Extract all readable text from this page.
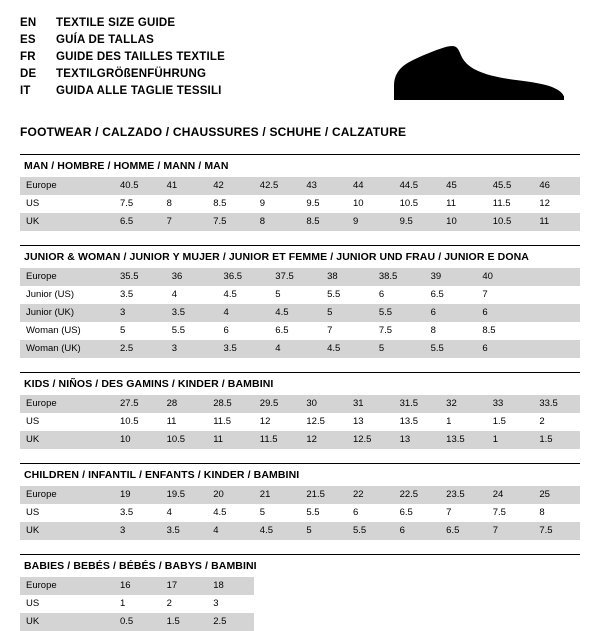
EN	TEXTILE SIZE GUIDE
ES	GUÍA DE TALLAS
FR	GUIDE DES TAILLES TEXTILE
DE	TEXTILGRÖßENFÜHRUNG
IT	GUIDA ALLE TAGLIE TESSILI
FOOTWEAR / CALZADO / CHAUSSURES / SCHUHE / CALZATURE
MAN / HOMBRE / HOMME / MANN / MAN
Europe	40.5	41	42	42.5	43	44	44.5	45	45.5	46
US	7.5	8	8.5	9	9.5	10	10.5	11	11.5	12
UK	6.5	7	7.5	8	8.5	9	9.5	10	10.5	11
JUNIOR & WOMAN / JUNIOR Y MUJER / JUNIOR ET FEMME / JUNIOR UND FRAU / JUNIOR E DONA
Europe	35.5	36	36.5	37.5	38	38.5	39	40	
Junior (US)	3.5	4	4.5	5	5.5	6	6.5	7	
Junior (UK)	3	3.5	4	4.5	5	5.5	6	6	
Woman (US)	5	5.5	6	6.5	7	7.5	8	8.5	
Woman (UK)	2.5	3	3.5	4	4.5	5	5.5	6	
KIDS / NIÑOS / DES GAMINS / KINDER / BAMBINI
Europe	27.5	28	28.5	29.5	30	31	31.5	32	33	33.5
US	10.5	11	11.5	12	12.5	13	13.5	1	1.5	2
UK	10	10.5	11	11.5	12	12.5	13	13.5	1	1.5
CHILDREN / INFANTIL / ENFANTS / KINDER / BAMBINI
Europe	19	19.5	20	21	21.5	22	22.5	23.5	24	25
US	3.5	4	4.5	5	5.5	6	6.5	7	7.5	8
UK	3	3.5	4	4.5	5	5.5	6	6.5	7	7.5
BABIES / BEBÉS / BÉBÉS / BABYS / BAMBINI
Europe	16	17	18							
US	1	2	3							
UK	0.5	1.5	2.5							
